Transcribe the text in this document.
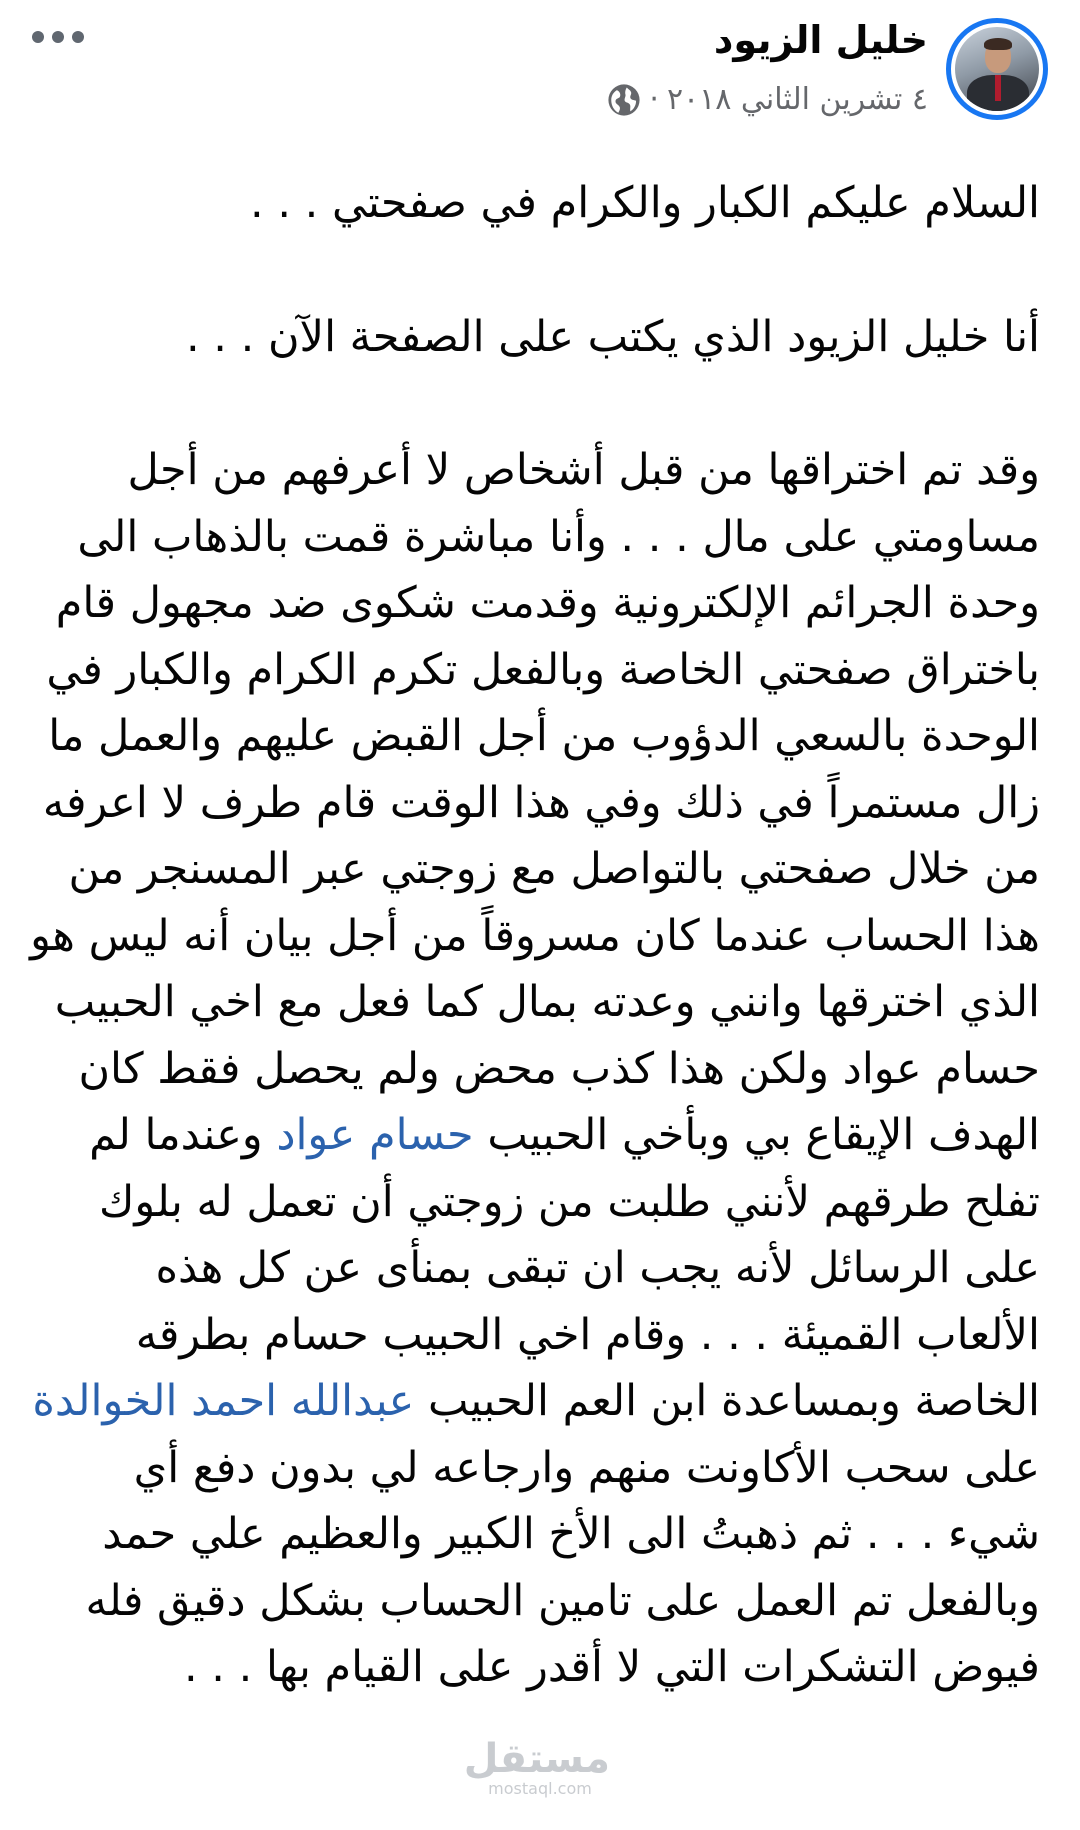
خليل الزيود
٤ تشرين الثاني ٢٠١٨
·

السلام عليكم الكبار والكرام في صفحتي . . .

أنا خليل الزيود الذي يكتب على الصفحة الآن . . .

وقد تم اختراقها من قبل أشخاص لا أعرفهم من أجل مساومتي على مال . . . وأنا مباشرة قمت بالذهاب الى وحدة الجرائم الإلكترونية وقدمت شكوى ضد مجهول قام باختراق صفحتي الخاصة وبالفعل تكرم الكرام والكبار في الوحدة بالسعي الدؤوب من أجل القبض عليهم والعمل ما زال مستمراً في ذلك وفي هذا الوقت قام طرف لا اعرفه من خلال صفحتي بالتواصل مع زوجتي عبر المسنجر من هذا الحساب عندما كان مسروقاً من أجل بيان أنه ليس هو الذي اخترقها وانني وعدته بمال كما فعل مع اخي الحبيب حسام عواد ولكن هذا كذب محض ولم يحصل فقط كان الهدف الإيقاع بي وبأخي الحبيب حسام عواد وعندما لم تفلح طرقهم لأنني طلبت من زوجتي أن تعمل له بلوك على الرسائل لأنه يجب ان تبقى بمنأى عن كل هذه الألعاب القميئة . . . وقام اخي الحبيب حسام بطرقه الخاصة وبمساعدة ابن العم الحبيب عبدالله احمد الخوالدة على سحب الأكاونت منهم وارجاعه لي بدون دفع أي شيء . . . ثم ذهبتُ الى الأخ الكبير والعظيم علي حمد وبالفعل تم العمل على تامين الحساب بشكل دقيق فله فيوض التشكرات التي لا أقدر على القيام بها . . .

مستقل
mostaql.com
